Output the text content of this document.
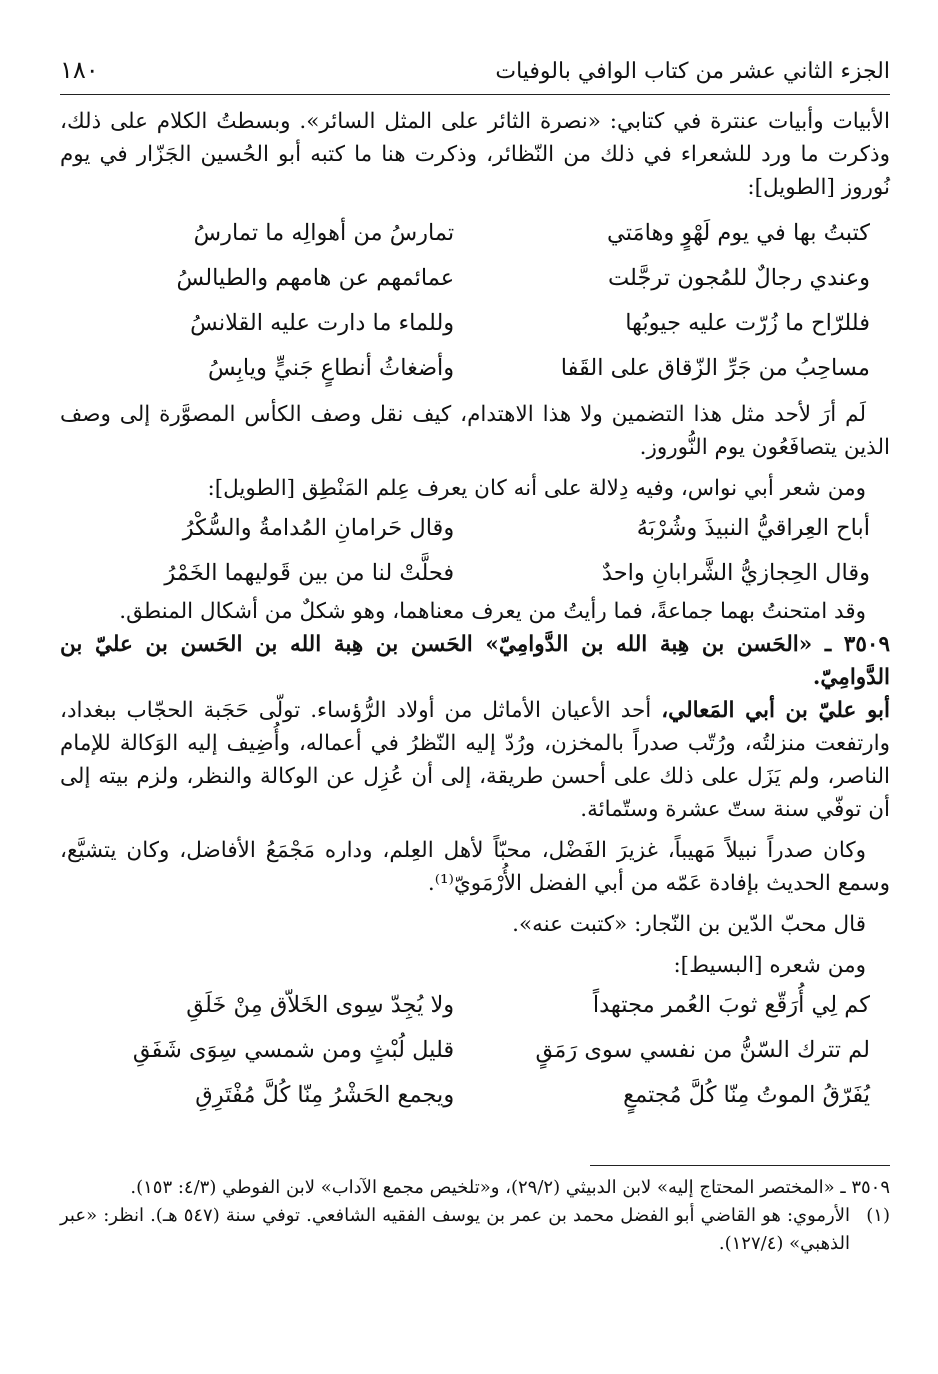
الجزء الثاني عشر من كتاب الوافي بالوفيات
١٨٠

الأبيات وأبيات عنترة في كتابي: «نصرة الثائر على المثل السائر». وبسطتُ الكلام على ذلك، وذكرت ما ورد للشعراء في ذلك من النّظائر، وذكرت هنا ما كتبه أبو الحُسين الجَزّار في يوم نُوروز [الطويل]:

كتبتُ بها في يوم لَهْوٍ وهامَتي
تمارسُ من أهوالِه ما تمارسُ
وعندي رجالٌ للمُجون ترجَّلت
عمائمهم عن هامهم والطيالسُ
فللرّاح ما زُرّت عليه جيوبُها
وللماء ما دارت عليه القلانسُ
مساحِبُ من جَرِّ الزّقاق على القَفا
وأضغاثُ أنطاعٍ جَنيٍّ ويابِسُ

لَم أرَ لأحد مثل هذا التضمين ولا هذا الاهتدام، كيف نقل وصف الكأس المصوَّرة إلى وصف الذين يتصافَعُون يوم النُّوروز.

ومن شعر أبي نواس، وفيه دِلالة على أنه كان يعرف عِلم المَنْطِق [الطويل]:

أباح العِراقيُّ النبيذَ وشُرْبَهُ
وقال حَرامانِ المُدامةُ والسُّكْرُ
وقال الحِجازيُّ الشَّرابانِ واحدٌ
فحلَّتْ لنا من بين قَوليهما الخَمْرُ

وقد امتحنتُ بهما جماعةً، فما رأيتُ من يعرف معناهما، وهو شكلٌ من أشكال المنطق.

٣٥٠٩ ـ «الحَسن بن هِبة الله بن الدَّوامِيّ» الحَسن بن هِبة الله بن الحَسن بن عليّ بن الدَّوامِيّ.

أبو عليّ بن أبي المَعالي، أحد الأعيان الأماثل من أولاد الرُّؤساء. تولّى حَجَبة الحجّاب ببغداد، وارتفعت منزلتُه، ورُتّب صدراً بالمخزن، ورُدّ إليه النّظرُ في أعماله، وأُضِيف إليه الوَكالة للإمام الناصر، ولم يَزَل على ذلك على أحسن طريقة، إلى أن عُزِل عن الوكالة والنظر، ولزم بيته إلى أن توفّي سنة ستّ عشرة وستّمائة.

وكان صدراً نبيلاً مَهيباً، غزيرَ الفَضْل، محبّاً لأهل العِلم، وداره مَجْمَعُ الأفاضل، وكان يتشيَّع، وسمع الحديث بإفادة عَمّه من أبي الفضل الأُرْمَويّ⁽¹⁾.

قال محبّ الدّين بن النّجار: «كتبت عنه».

ومن شعره [البسيط]:

كم لِي أُرَقّع ثوبَ العُمر مجتهداً
ولا يُجِدّ سِوى الخَلاّق مِنْ خَلَقِ
لم تترك السّنُّ من نفسي سوى رَمَقٍ
قليل لُبْثٍ ومن شمسي سِوَى شَفَقِ
يُفَرّقُ الموتُ مِنّا كُلَّ مُجتمعٍ
ويجمع الحَشْرُ مِنّا كُلَّ مُفْتَرِقِ

٣٥٠٩ ـ «المختصر المحتاج إليه» لابن الدبيثي (٢٩/٢)، و«تلخيص مجمع الآداب» لابن الفوطي (٤/٣: ١٥٣).

(١)

الأرموي: هو القاضي أبو الفضل محمد بن عمر بن يوسف الفقيه الشافعي. توفي سنة (٥٤٧ هـ). انظر: «عبر الذهبي» (١٢٧/٤).
